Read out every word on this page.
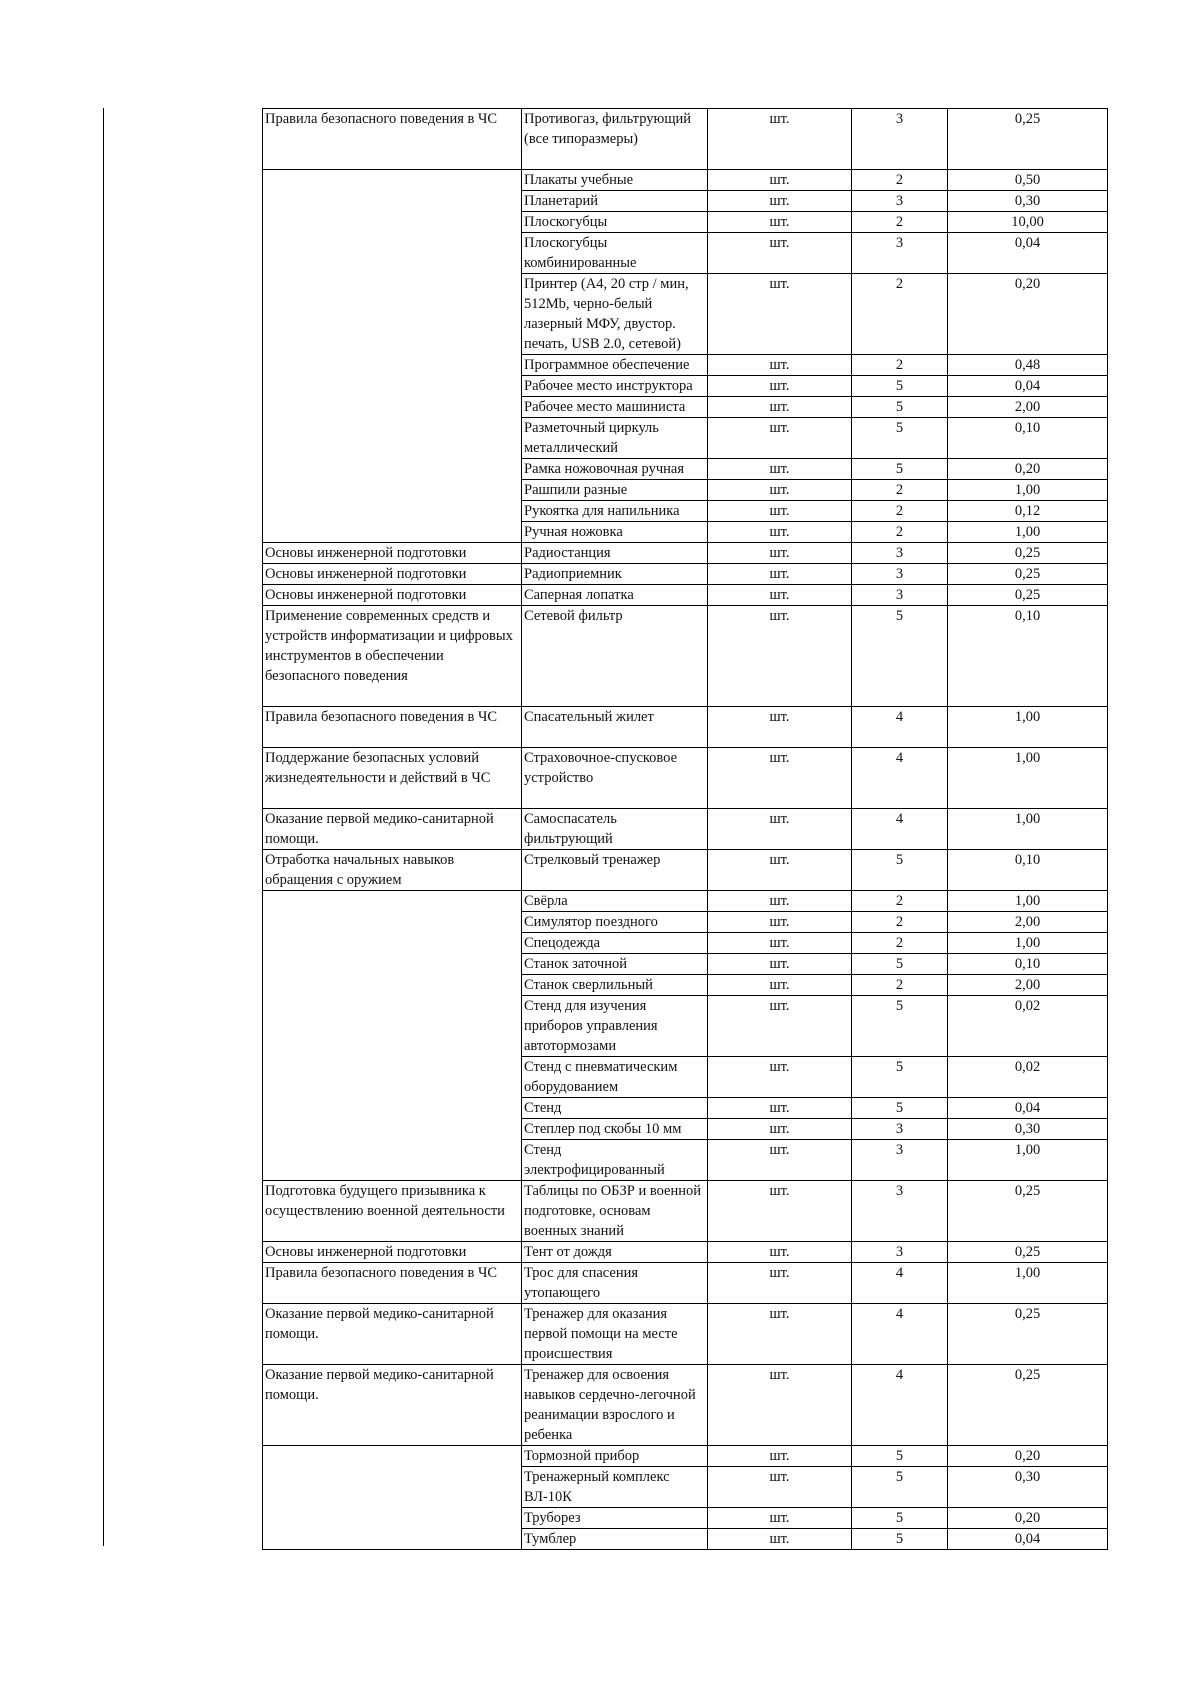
Правила безопасного поведения в ЧС	Противогаз, фильтрующий (все типоразмеры)	шт.	3	0,25
	Плакаты учебные	шт.	2	0,50
	Планетарий	шт.	3	0,30
	Плоскогубцы	шт.	2	10,00
	Плоскогубцы комбинированные	шт.	3	0,04
	Принтер (А4, 20 стр / мин, 512Mb, черно-белый лазерный МФУ, двустор. печать, USB 2.0, сетевой)	шт.	2	0,20
	Программное обеспечение	шт.	2	0,48
	Рабочее место инструктора	шт.	5	0,04
	Рабочее место машиниста	шт.	5	2,00
	Разметочный циркуль металлический	шт.	5	0,10
	Рамка ножовочная ручная	шт.	5	0,20
	Рашпили разные	шт.	2	1,00
	Рукоятка для напильника	шт.	2	0,12
	Ручная ножовка	шт.	2	1,00
Основы инженерной подготовки	Радиостанция	шт.	3	0,25
Основы инженерной подготовки	Радиоприемник	шт.	3	0,25
Основы инженерной подготовки	Саперная лопатка	шт.	3	0,25
Применение современных средств и устройств информатизации и цифровых инструментов в обеспечении безопасного поведения	Сетевой фильтр	шт.	5	0,10
Правила безопасного поведения в ЧС	Спасательный жилет	шт.	4	1,00
Поддержание безопасных условий жизнедеятельности и действий в ЧС	Страховочное-спусковое устройство	шт.	4	1,00
Оказание первой медико-санитарной помощи.	Самоспасатель фильтрующий	шт.	4	1,00
Отработка начальных навыков обращения с оружием	Стрелковый тренажер	шт.	5	0,10
	Свёрла	шт.	2	1,00
	Симулятор поездного	шт.	2	2,00
	Спецодежда	шт.	2	1,00
	Станок заточной	шт.	5	0,10
	Станок сверлильный	шт.	2	2,00
	Стенд для изучения приборов управления автотормозами	шт.	5	0,02
	Стенд с пневматическим оборудованием	шт.	5	0,02
	Стенд	шт.	5	0,04
	Степлер под скобы 10 мм	шт.	3	0,30
	Стенд электрофицированный	шт.	3	1,00
Подготовка будущего призывника к осуществлению военной деятельности	Таблицы по ОБЗР и военной подготовке, основам военных знаний	шт.	3	0,25
Основы инженерной подготовки	Тент от дождя	шт.	3	0,25
Правила безопасного поведения в ЧС	Трос для спасения утопающего	шт.	4	1,00
Оказание первой медико-санитарной помощи.	Тренажер для оказания первой помощи на месте происшествия	шт.	4	0,25
Оказание первой медико-санитарной помощи.	Тренажер для освоения навыков сердечно-легочной реанимации взрослого и ребенка	шт.	4	0,25
	Тормозной прибор	шт.	5	0,20
	Тренажерный комплекс ВЛ-10К	шт.	5	0,30
	Труборез	шт.	5	0,20
	Тумблер	шт.	5	0,04
